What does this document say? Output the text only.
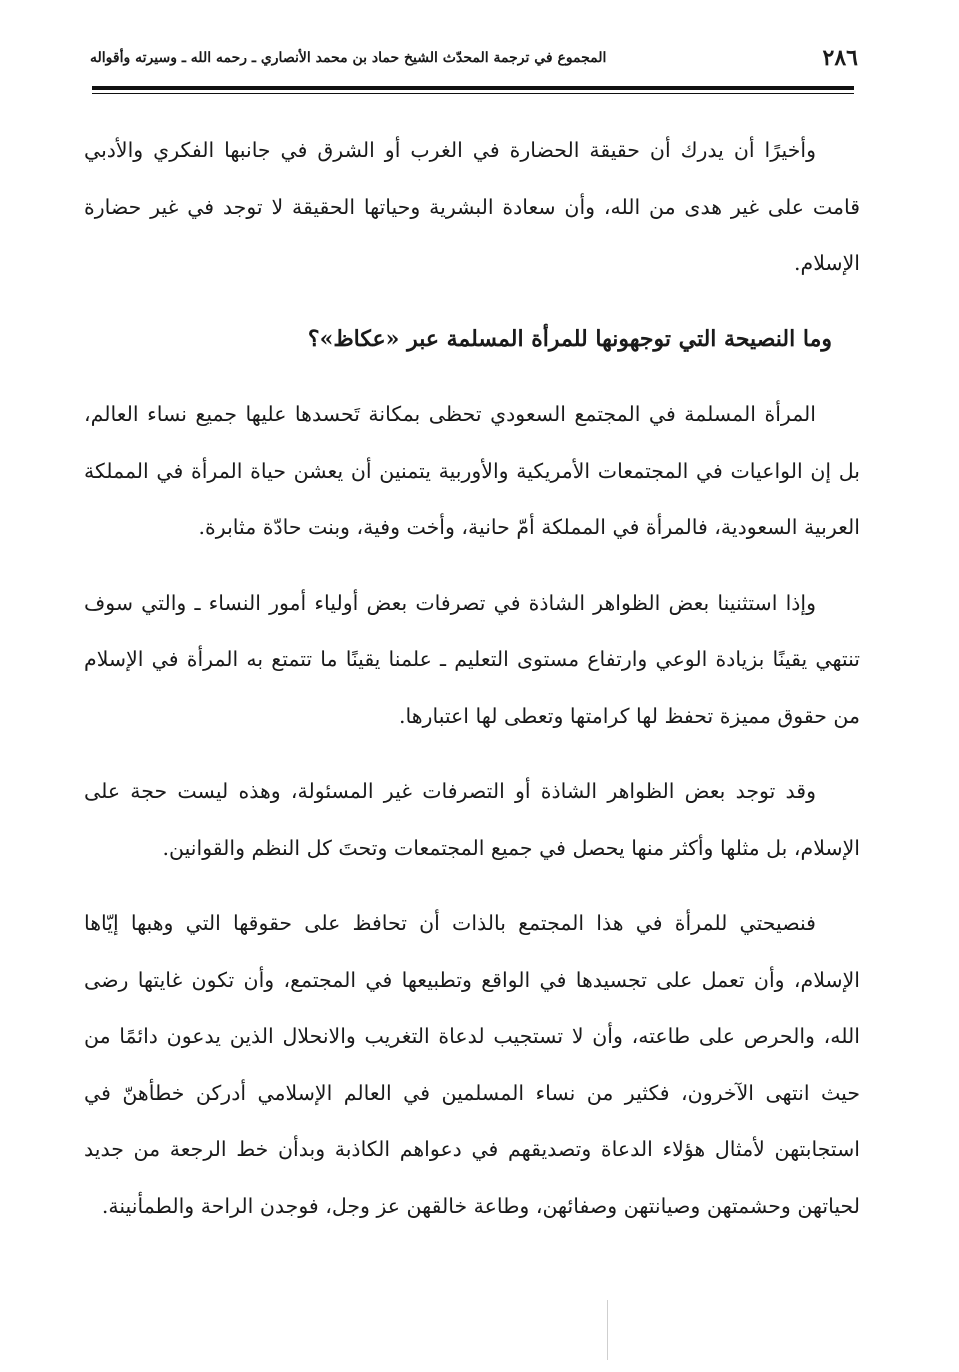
٢٨٦
المجموع في ترجمة المحدّث الشيخ حماد بن محمد الأنصاري ـ رحمه الله ـ وسيرته وأقواله

وأخيرًا أن يدرك أن حقيقة الحضارة في الغرب أو الشرق في جانبها الفكري والأدبي قامت على غير هدى من الله، وأن سعادة البشرية وحياتها الحقيقة لا توجد في غير حضارة الإسلام.

وما النصيحة التي توجهونها للمرأة المسلمة عبر «عكاظ»؟

المرأة المسلمة في المجتمع السعودي تحظى بمكانة تَحسدها عليها جميع نساء العالم، بل إن الواعيات في المجتمعات الأمريكية والأوربية يتمنين أن يعشن حياة المرأة في المملكة العربية السعودية، فالمرأة في المملكة أمّ حانية، وأخت وفية، وبنت حادّة مثابرة.

وإذا استثنينا بعض الظواهر الشاذة في تصرفات بعض أولياء أمور النساء ـ والتي سوف تنتهي يقينًا بزيادة الوعي وارتفاع مستوى التعليم ـ علمنا يقينًا ما تتمتع به المرأة في الإسلام من حقوق مميزة تحفظ لها كرامتها وتعطى لها اعتبارها.

وقد توجد بعض الظواهر الشاذة أو التصرفات غير المسئولة، وهذه ليست حجة على الإسلام، بل مثلها وأكثر منها يحصل في جميع المجتمعات وتحتَ كل النظم والقوانين.

فنصيحتي للمرأة في هذا المجتمع بالذات أن تحافظ على حقوقها التي وهبها إيّاها الإسلام، وأن تعمل على تجسيدها في الواقع وتطبيعها في المجتمع، وأن تكون غايتها رضى الله، والحرص على طاعته، وأن لا تستجيب لدعاة التغريب والانحلال الذين يدعون دائمًا من حيث انتهى الآخرون، فكثير من نساء المسلمين في العالم الإسلامي أدركن خطأهنّ في استجابتهن لأمثال هؤلاء الدعاة وتصديقهم في دعواهم الكاذبة وبدأن خط الرجعة من جديد لحياتهن وحشمتهن وصيانتهن وصفائهن، وطاعة خالقهن عز وجل، فوجدن الراحة والطمأنينة.
